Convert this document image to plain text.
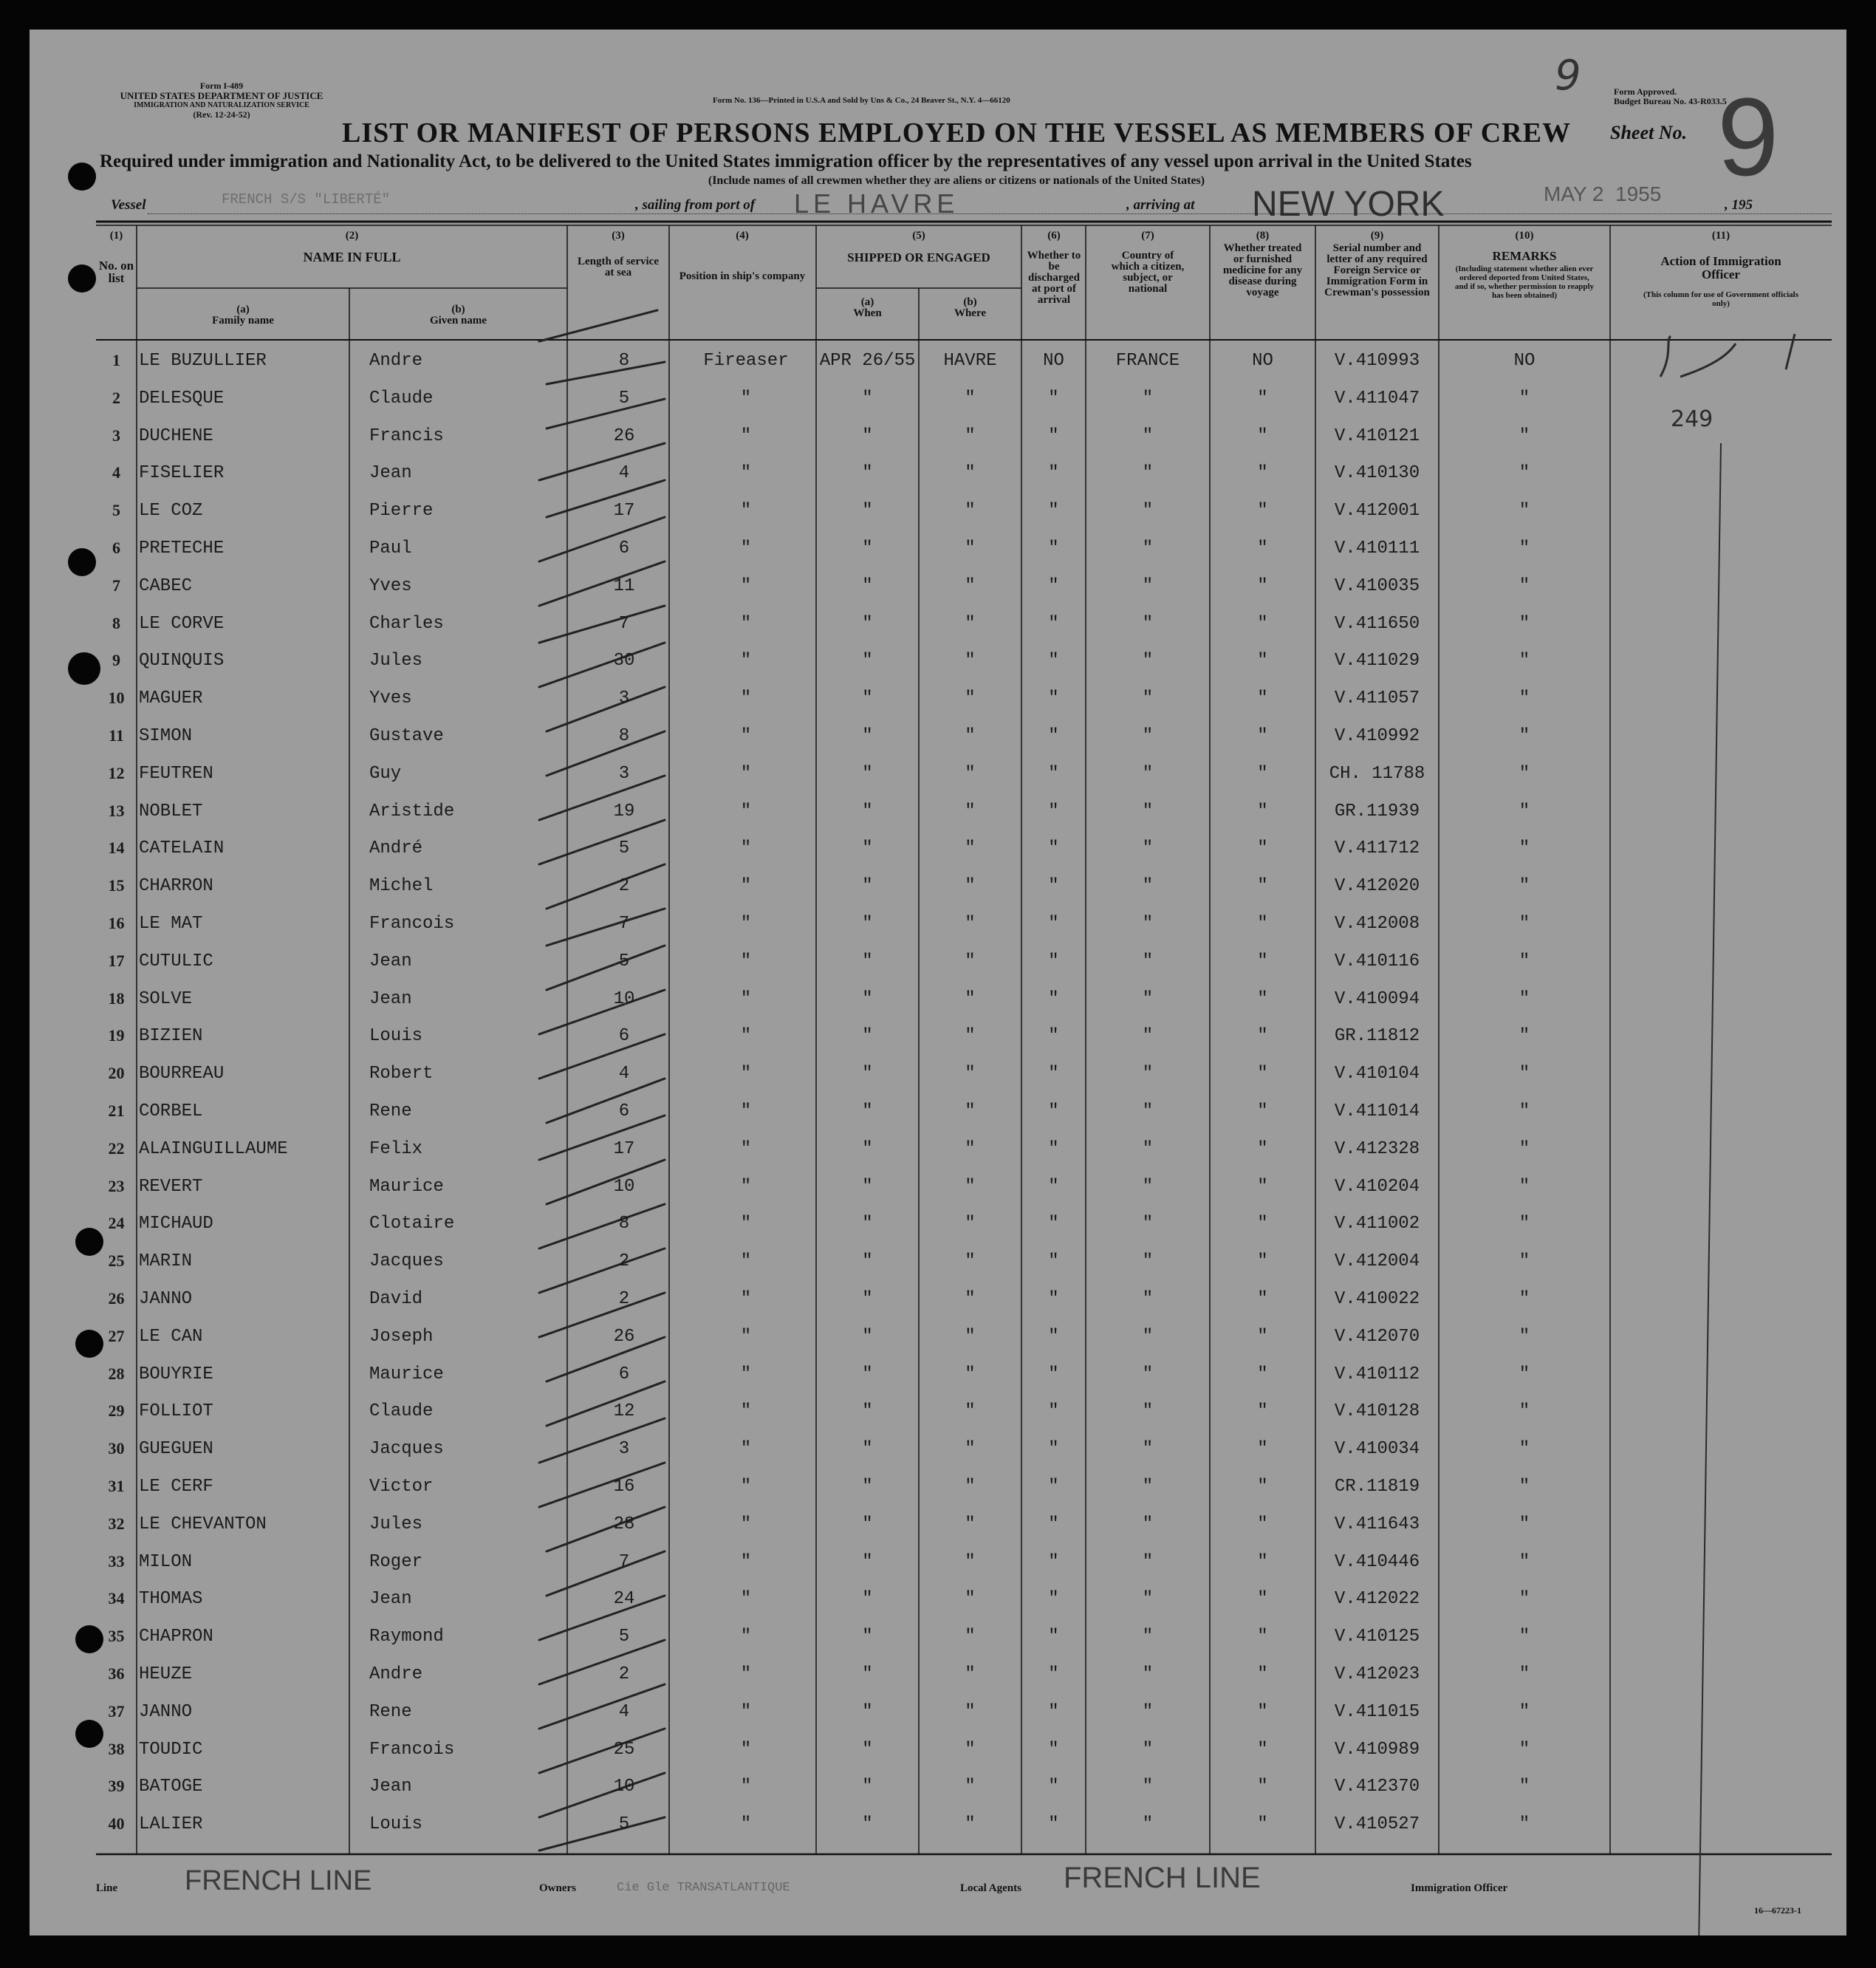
Form I-489
UNITED STATES DEPARTMENT OF JUSTICE
IMMIGRATION AND NATURALIZATION SERVICE
(Rev. 12-24-52)
Form No. 136—Printed in U.S.A and Sold by Uns & Co., 24 Beaver St., N.Y. 4—66120
Form Approved.
Budget Bureau No. 43-R033.5
9
LIST OR MANIFEST OF PERSONS EMPLOYED ON THE VESSEL AS MEMBERS OF CREW	Sheet No. 9
Required under immigration and Nationality Act, to be delivered to the United States immigration officer by the representatives of any vessel upon arrival in the United States
(Include names of all crewmen whether they are aliens or citizens or nationals of the United States)
Vessel	FRENCH S/S "LIBERTÉ"	, sailing from port of LE HAVRE	, arriving at NEW YORK	MAY 2  1955	, 195
(1)
No. on list
(2)
NAME IN FULL
(a)
Family name
(b)
Given name
(3)
Length of service at sea
(4)
Position in ship's company
(5)
SHIPPED OR ENGAGED
(a)
When
(b)
Where
(6)
Whether to be discharged at port of arrival
(7)
Country of which a citizen, subject, or national
(8)
Whether treated or furnished medicine for any disease during voyage
(9)
Serial number and letter of any required Foreign Service or Immigration Form in Crewman's possession
(10)
REMARKS
(Including statement whether alien ever ordered deported from United States, and if so, whether permission to reapply has been obtained)
(11)
Action of Immigration Officer
(This column for use of Government officials only)
1	LE BUZULLIER	Andre	8	Fireaser	APR 26/55	HAVRE	NO	FRANCE	NO	V.410993	NO
2	DELESQUE	Claude	5	"	"	"	"	"	"	V.411047	"
3	DUCHENE	Francis	26	"	"	"	"	"	"	V.410121	"
4	FISELIER	Jean	4	"	"	"	"	"	"	V.410130	"
5	LE COZ	Pierre	17	"	"	"	"	"	"	V.412001	"
6	PRETECHE	Paul	6	"	"	"	"	"	"	V.410111	"
7	CABEC	Yves	11	"	"	"	"	"	"	V.410035	"
8	LE CORVE	Charles	7	"	"	"	"	"	"	V.411650	"
9	QUINQUIS	Jules	30	"	"	"	"	"	"	V.411029	"
10 MAGUER	Yves	3	"	"	"	"	"	"	V.411057	"
11 SIMON	Gustave	8	"	"	"	"	"	"	V.410992	"
12 FEUTREN	Guy	3	"	"	"	"	"	"	CH. 11788	"
13 NOBLET	Aristide	19	"	"	"	"	"	"	GR.11939	"
14 CATELAIN	André	5	"	"	"	"	"	"	V.411712	"
15 CHARRON	Michel	2	"	"	"	"	"	"	V.412020	"
16 LE MAT	Francois	7	"	"	"	"	"	"	V.412008	"
17 CUTULIC	Jean	5	"	"	"	"	"	"	V.410116	"
18 SOLVE	Jean	10	"	"	"	"	"	"	V.410094	"
19 BIZIEN	Louis	6	"	"	"	"	"	"	GR.11812	"
20 BOURREAU	Robert	4	"	"	"	"	"	"	V.410104	"
21 CORBEL	Rene	6	"	"	"	"	"	"	V.411014	"
22 ALAINGUILLAUME	Felix	17	"	"	"	"	"	"	V.412328	"
23 REVERT	Maurice	10	"	"	"	"	"	"	V.410204	"
24 MICHAUD	Clotaire	8	"	"	"	"	"	"	V.411002	"
25 MARIN	Jacques	2	"	"	"	"	"	"	V.412004	"
26 JANNO	David	2	"	"	"	"	"	"	V.410022	"
27 LE CAN	Joseph	26	"	"	"	"	"	"	V.412070	"
28 BOUYRIE	Maurice	6	"	"	"	"	"	"	V.410112	"
29 FOLLIOT	Claude	12	"	"	"	"	"	"	V.410128	"
30 GUEGUEN	Jacques	3	"	"	"	"	"	"	V.410034	"
31 LE CERF	Victor	16	"	"	"	"	"	"	CR.11819	"
32 LE CHEVANTON	Jules	28	"	"	"	"	"	"	V.411643	"
33 MILON	Roger	7	"	"	"	"	"	"	V.410446	"
34 THOMAS	Jean	24	"	"	"	"	"	"	V.412022	"
35 CHAPRON	Raymond	5	"	"	"	"	"	"	V.410125	"
36 HEUZE	Andre	2	"	"	"	"	"	"	V.412023	"
37 JANNO	Rene	4	"	"	"	"	"	"	V.411015	"
38 TOUDIC	Francois	25	"	"	"	"	"	"	V.410989	"
39 BATOGE	Jean	10	"	"	"	"	"	"	V.412370	"
40 LALIER	Louis	5	"	"	"	"	"	"	V.410527	"
249
Line FRENCH LINE	Owners	Cie Gle TRANSATLANTIQUE	Local Agents FRENCH LINE	Immigration Officer
16—67223-1
